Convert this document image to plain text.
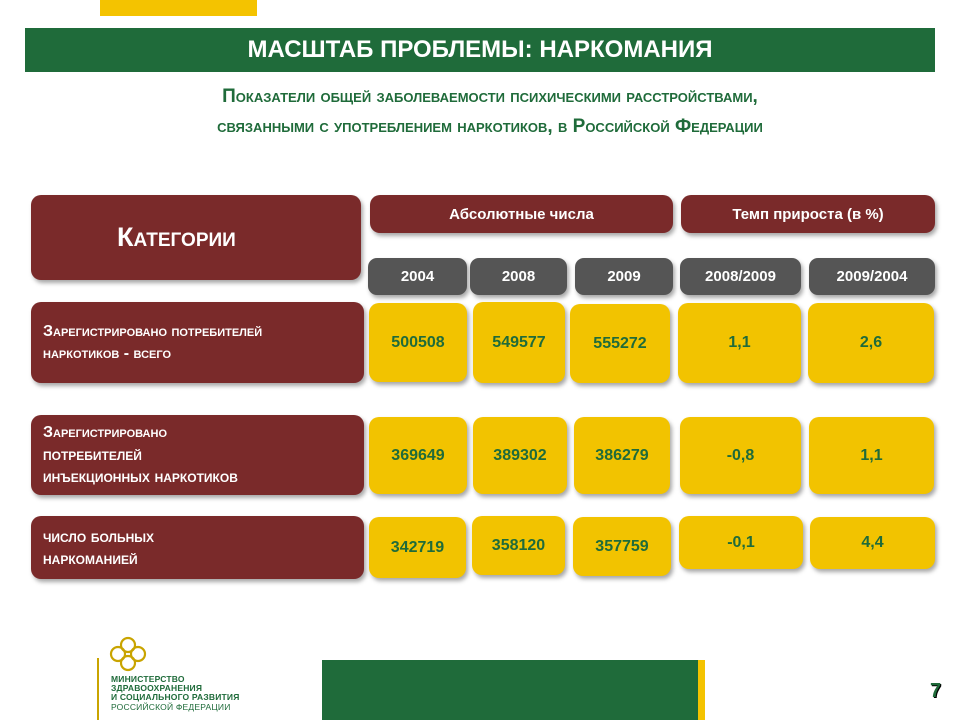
МАСШТАБ ПРОБЛЕМЫ: НАРКОМАНИЯ
Показатели общей заболеваемости психическими расстройствами,
связанными с употреблением наркотиков, в Российской Федерации
Категории
Абсолютные числа	Темп прироста (в %)
2004	2008	2009	2008/2009	2009/2004
Зарегистрировано потребителей
наркотиков - всего
500508	549577	555272	1,1	2,6
Зарегистрировано
потребителей
инъекционных наркотиков
369649	389302	386279	-0,8	1,1
число больных
наркоманией
342719	358120	357759	-0,1	4,4
МИНИСТЕРСТВО
ЗДРАВООХРАНЕНИЯ
И СОЦИАЛЬНОГО РАЗВИТИЯ
РОССИЙСКОЙ ФЕДЕРАЦИИ
7
